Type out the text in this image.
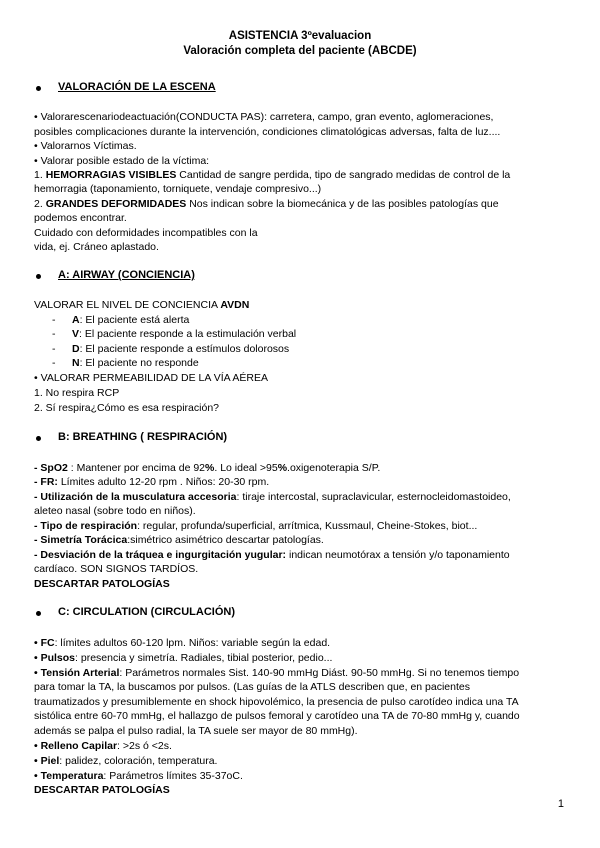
ASISTENCIA 3ºevaluacion
Valoración completa del paciente (ABCDE)
VALORACIÓN DE LA ESCENA
• Valorarescenariodeactuación(CONDUCTA PAS): carretera, campo, gran evento, aglomeraciones,
posibles complicaciones durante la intervención, condiciones climatológicas adversas, falta de luz....
• Valorarnos Víctimas.
• Valorar posible estado de la víctima:
1. HEMORRAGIAS VISIBLES Cantidad de sangre perdida, tipo de sangrado medidas de control de la
hemorragia (taponamiento, torniquete, vendaje compresivo...)
2. GRANDES DEFORMIDADES Nos indican sobre la biomecánica y de las posibles patologías que
podemos encontrar.
Cuidado con deformidades incompatibles con la
vida, ej. Cráneo aplastado.
A: AIRWAY (CONCIENCIA)
VALORAR EL NIVEL DE CONCIENCIA AVDN
- A: El paciente está alerta
- V: El paciente responde a la estimulación verbal
- D: El paciente responde a estímulos dolorosos
- N: El paciente no responde
• VALORAR PERMEABILIDAD DE LA VÍA AÉREA
1. No respira RCP
2. Sí respira¿Cómo es esa respiración?
B: BREATHING ( RESPIRACIÓN)
- SpO2 : Mantener por encima de 92%. Lo ideal >95%.oxigenoterapia S/P.
- FR: Límites adulto 12-20 rpm . Niños: 20-30 rpm.
- Utilización de la musculatura accesoria: tiraje intercostal, supraclavicular, esternocleidomastoideo,
aleteo nasal (sobre todo en niños).
- Tipo de respiración: regular, profunda/superficial, arrítmica, Kussmaul, Cheine-Stokes, biot...
- Simetría Torácica:simétrico asimétrico descartar patologías.
- Desviación de la tráquea e ingurgitación yugular: indican neumotórax a tensión y/o taponamiento
cardíaco. SON SIGNOS TARDÍOS.
DESCARTAR PATOLOGÍAS
C: CIRCULATION (CIRCULACIÓN)
• FC: límites adultos 60-120 lpm. Niños: variable según la edad.
• Pulsos: presencia y simetría. Radiales, tibial posterior, pedio...
• Tensión Arterial: Parámetros normales Sist. 140-90 mmHg Diást. 90-50 mmHg. Si no tenemos tiempo
para tomar la TA, la buscamos por pulsos. (Las guías de la ATLS describen que, en pacientes
traumatizados y presumiblemente en shock hipovolémico, la presencia de pulso carotídeo indica una TA
sistólica entre 60-70 mmHg, el hallazgo de pulsos femoral y carotídeo una TA de 70-80 mmHg y, cuando
además se palpa el pulso radial, la TA suele ser mayor de 80 mmHg).
• Relleno Capilar: >2s ó <2s.
• Piel: palidez, coloración, temperatura.
• Temperatura: Parámetros límites 35-37oC.
DESCARTAR PATOLOGÍAS
1
